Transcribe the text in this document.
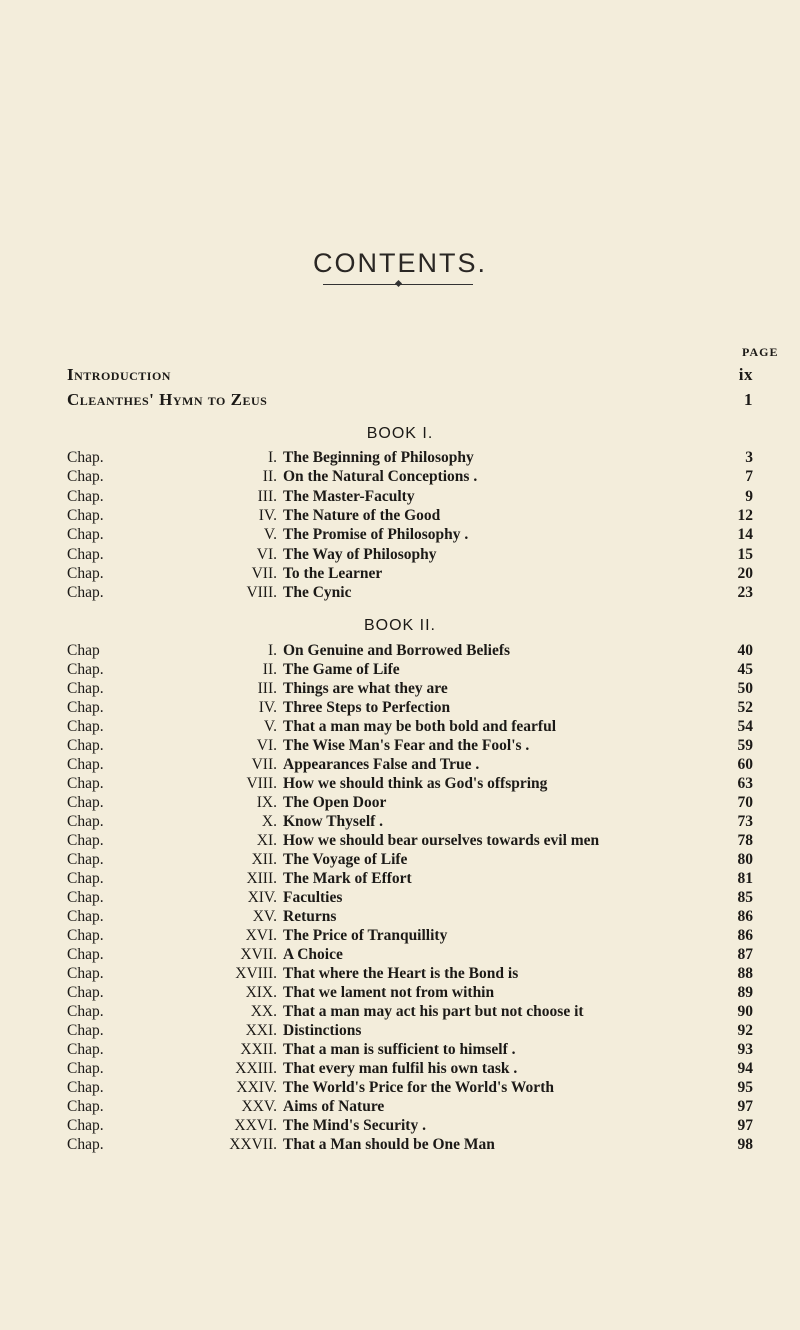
CONTENTS.
PAGE
Introduction	ix
Cleanthes' Hymn to Zeus	1
BOOK I.
Chap.	I. The Beginning of Philosophy	3
Chap.	II. On the Natural Conceptions .	7
Chap.	III. The Master-Faculty	9
Chap.	IV. The Nature of the Good	12
Chap.	V. The Promise of Philosophy .	14
Chap.	VI. The Way of Philosophy	15
Chap.	VII. To the Learner	20
Chap.	VIII. The Cynic	23
BOOK II.
Chap	I. On Genuine and Borrowed Beliefs	40
Chap.	II. The Game of Life	45
Chap.	III. Things are what they are	50
Chap.	IV. Three Steps to Perfection	52
Chap.	V. That a man may be both bold and fearful	54
Chap.	VI. The Wise Man's Fear and the Fool's .	59
Chap.	VII. Appearances False and True .	60
Chap.	VIII. How we should think as God's offspring	63
Chap.	IX. The Open Door	70
Chap.	X. Know Thyself .	73
Chap.	XI. How we should bear ourselves towards evil men	78
Chap.	XII. The Voyage of Life	80
Chap.	XIII. The Mark of Effort	81
Chap.	XIV. Faculties	85
Chap.	XV. Returns	86
Chap.	XVI. The Price of Tranquillity	86
Chap.	XVII. A Choice	87
Chap.	XVIII. That where the Heart is the Bond is	88
Chap.	XIX. That we lament not from within	89
Chap.	XX. That a man may act his part but not choose it	90
Chap.	XXI. Distinctions	92
Chap.	XXII. That a man is sufficient to himself .	93
Chap.	XXIII. That every man fulfil his own task .	94
Chap.	XXIV. The World's Price for the World's Worth	95
Chap.	XXV. Aims of Nature	97
Chap.	XXVI. The Mind's Security .	97
Chap.	XXVII. That a Man should be One Man	98
